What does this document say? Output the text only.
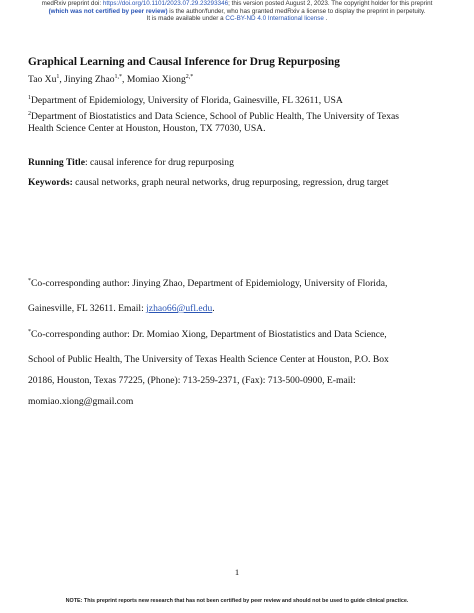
medRxiv preprint doi: https://doi.org/10.1101/2023.07.29.23293346; this version posted August 2, 2023. The copyright holder for this preprint
(which was not certified by peer review) is the author/funder, who has granted medRxiv a license to display the preprint in perpetuity.
It is made available under a CC-BY-ND 4.0 International license .
Graphical Learning and Causal Inference for Drug Repurposing
Tao Xu$^1$, Jinying Zhao$^{1,*}$, Momiao Xiong$^{2,*}$
$^1$Department of Epidemiology, University of Florida, Gainesville, FL 32611, USA
$^2$Department of Biostatistics and Data Science, School of Public Health, The University of Texas
Health Science Center at Houston, Houston, TX 77030, USA.
Running Title: causal inference for drug repurposing
Keywords: causal networks, graph neural networks, drug repurposing, regression, drug target
*Co-corresponding author: Jinying Zhao, Department of Epidemiology, University of Florida,
Gainesville, FL 32611. Email: jzhao66@ufl.edu.
*Co-corresponding author: Dr. Momiao Xiong, Department of Biostatistics and Data Science,
School of Public Health, The University of Texas Health Science Center at Houston, P.O. Box
20186, Houston, Texas 77225, (Phone): 713-259-2371, (Fax): 713-500-0900, E-mail:
momiao.xiong@gmail.com
1
NOTE: This preprint reports new research that has not been certified by peer review and should not be used to guide clinical practice.
